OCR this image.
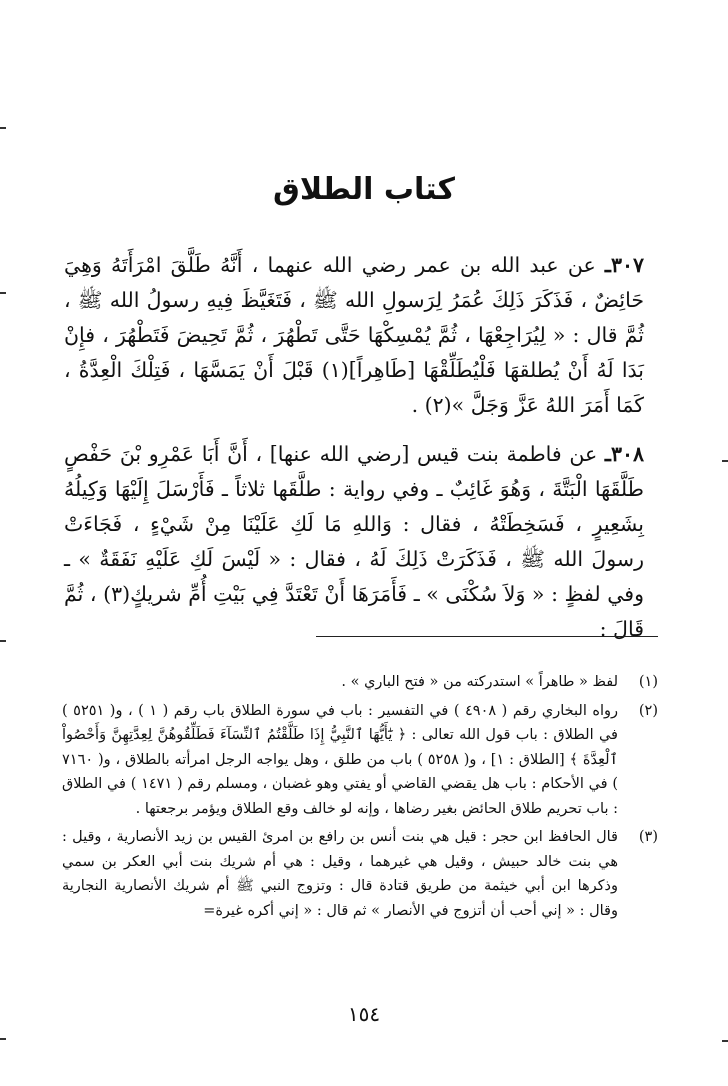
كتاب الطلاق

٣٠٧ـ عن عبد الله بن عمر رضي الله عنهما ، أَنَّهُ طَلَّقَ امْرَأَتَهُ وَهِيَ حَائِضٌ ، فَذَكَرَ ذَلِكَ عُمَرُ لِرَسولِ الله ﷺ ، فَتَغَيَّظَ فِيهِ رسولُ الله ﷺ ، ثُمَّ قال : « لِيُرَاجِعْهَا ، ثُمَّ يُمْسِكْهَا حَتَّى تَطْهُرَ ، ثُمَّ تَحِيضَ فَتَطْهُرَ ، فإِنْ بَدَا لَهُ أَنْ يُطلقهَا فَلْيُطَلِّقْهَا [طَاهِراً](١) قَبْلَ أَنْ يَمَسَّهَا ، فَتِلْكَ الْعِدَّةُ ، كَمَا أَمَرَ اللهُ عَزَّ وَجَلَّ »(٢) .

٣٠٨ـ عن فاطمة بنت قيس [رضي الله عنها] ، أَنَّ أَبَا عَمْرِو بْنَ حَفْصٍ طَلَّقَهَا الْبَتَّةَ ، وَهُوَ غَائِبٌ ـ وفي رواية : طلَّقَها ثلاثاً ـ فَأَرْسَلَ إِلَيْهَا وَكِيلُهُ بِشَعِيرٍ ، فَسَخِطَتْهُ ، فقال : وَاللهِ مَا لَكِ عَلَيْنَا مِنْ شَيْءٍ ، فَجَاءَتْ رسولَ الله ﷺ ، فَذَكَرَتْ ذَلِكَ لَهُ ، فقال : « لَيْسَ لَكِ عَلَيْهِ نَفَقَةٌ » ـ وفي لفظٍ : « وَلاَ سُكْنَى » ـ فَأَمَرَهَا أَنْ تَعْتَدَّ فِي بَيْتِ أُمِّ شريكٍ(٣) ، ثُمَّ قَالَ :

(١)
لفظ « طاهراً » استدركته من « فتح الباري » .
(٢)
رواه البخاري رقم ( ٤٩٠٨ ) في التفسير : باب في سورة الطلاق باب رقم ( ١ ) ، و( ٥٢٥١ ) في الطلاق : باب قول الله تعالى : ﴿ يَٰٓأَيُّهَا ٱلنَّبِيُّ إِذَا طَلَّقْتُمُ ٱلنِّسَآءَ فَطَلِّقُوهُنَّ لِعِدَّتِهِنَّ وَأَحْصُواْ ٱلْعِدَّةَ ﴾ [الطلاق : ١] ، و( ٥٢٥٨ ) باب من طلق ، وهل يواجه الرجل امرأته بالطلاق ، و( ٧١٦٠ ) في الأحكام : باب هل يقضي القاضي أو يفتي وهو غضبان ، ومسلم رقم ( ١٤٧١ ) في الطلاق : باب تحريم طلاق الحائض بغير رضاها ، وإنه لو خالف وقع الطلاق ويؤمر برجعتها .
(٣)
قال الحافظ ابن حجر : قيل هي بنت أنس بن رافع بن امرئ القيس بن زيد الأنصارية ، وقيل : هي بنت خالد حبيش ، وقيل هي غيرهما ، وقيل : هي أم شريك بنت أبي العكر بن سمي وذكرها ابن أبي خيثمة من طريق قتادة قال : وتزوج النبي ﷺ أم شريك الأنصارية النجارية وقال : « إني أحب أن أتزوج في الأنصار » ثم قال : « إني أكره غيرة=
١٥٤
